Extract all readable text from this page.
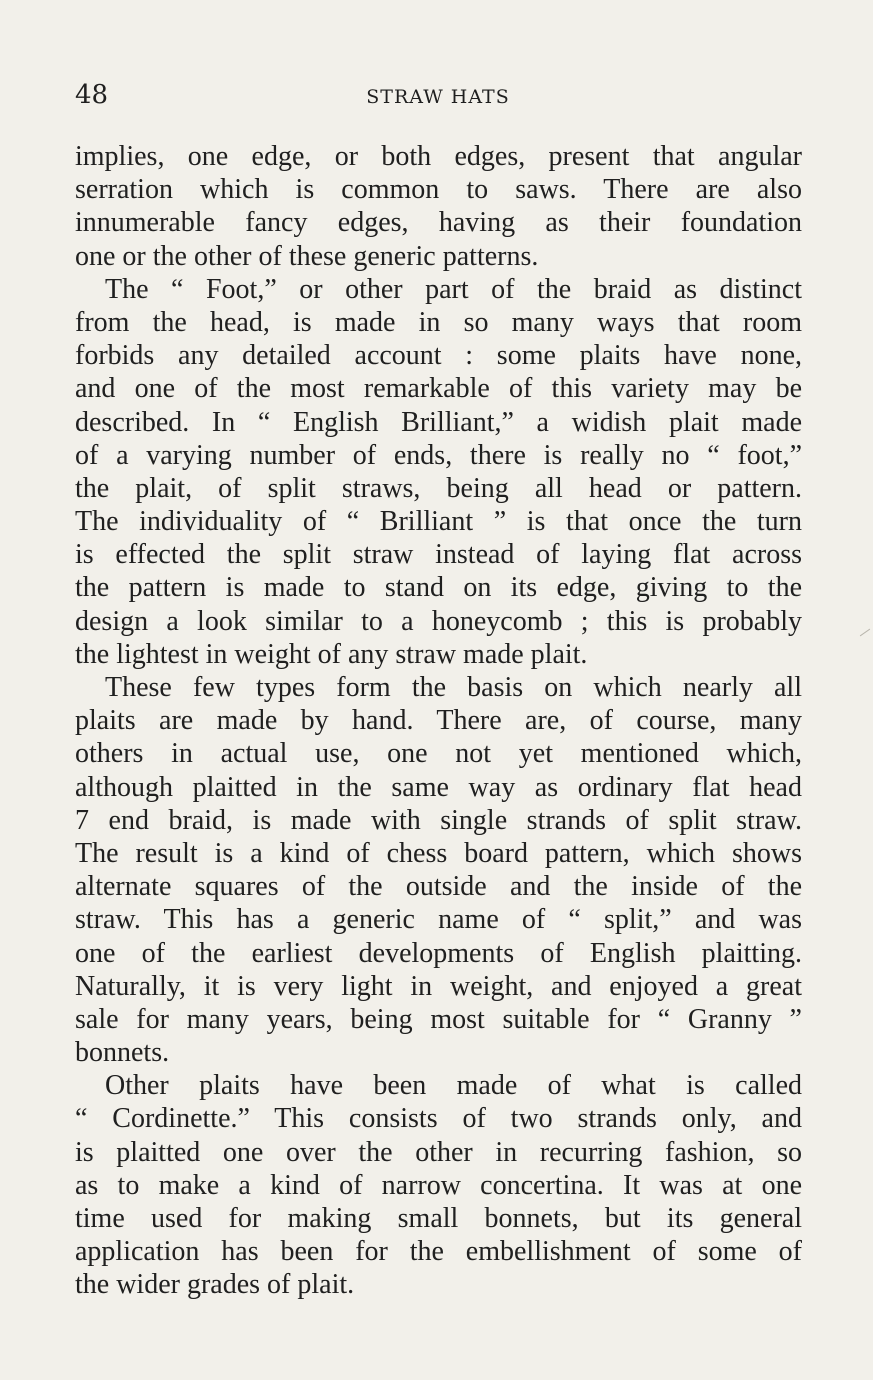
48	STRAW HATS
implies, one edge, or both edges, present that angular
serration which is common to saws. There are also
innumerable fancy edges, having as their foundation
one or the other of these generic patterns.
The “ Foot,” or other part of the braid as distinct
from the head, is made in so many ways that room
forbids any detailed account : some plaits have none,
and one of the most remarkable of this variety may be
described. In “ English Brilliant,” a widish plait made
of a varying number of ends, there is really no “ foot,”
the plait, of split straws, being all head or pattern.
The individuality of “ Brilliant ” is that once the turn
is effected the split straw instead of laying flat across
the pattern is made to stand on its edge, giving to the
design a look similar to a honeycomb ; this is probably
the lightest in weight of any straw made plait.
These few types form the basis on which nearly all
plaits are made by hand. There are, of course, many
others in actual use, one not yet mentioned which,
although plaitted in the same way as ordinary flat head
7 end braid, is made with single strands of split straw.
The result is a kind of chess board pattern, which shows
alternate squares of the outside and the inside of the
straw. This has a generic name of “ split,” and was
one of the earliest developments of English plaitting.
Naturally, it is very light in weight, and enjoyed a great
sale for many years, being most suitable for “ Granny ”
bonnets.
Other plaits have been made of what is called
“ Cordinette.” This consists of two strands only, and
is plaitted one over the other in recurring fashion, so
as to make a kind of narrow concertina. It was at one
time used for making small bonnets, but its general
application has been for the embellishment of some of
the wider grades of plait.
